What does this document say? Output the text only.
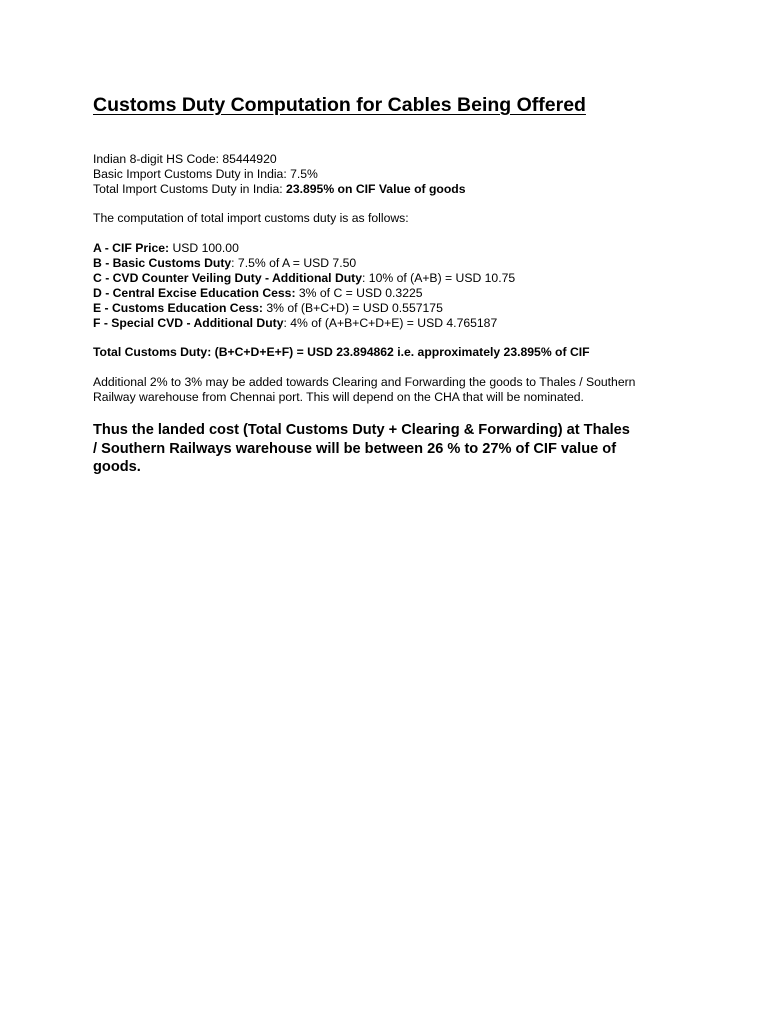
Customs Duty Computation for Cables Being Offered

Indian 8-digit HS Code: 85444920

Basic Import Customs Duty in India: 7.5%

Total Import Customs Duty in India: 23.895% on CIF Value of goods

The computation of total import customs duty is as follows:

A - CIF Price: USD 100.00

B - Basic Customs Duty: 7.5% of A = USD 7.50

C - CVD Counter Veiling Duty - Additional Duty: 10% of (A+B) = USD 10.75

D - Central Excise Education Cess: 3% of C = USD 0.3225

E - Customs Education Cess: 3% of (B+C+D) = USD 0.557175

F - Special CVD - Additional Duty: 4% of (A+B+C+D+E) = USD 4.765187

Total Customs Duty: (B+C+D+E+F) = USD 23.894862 i.e. approximately 23.895% of CIF

Additional 2% to 3% may be added towards Clearing and Forwarding the goods to Thales / Southern

Railway warehouse from Chennai port. This will depend on the CHA that will be nominated.

Thus the landed cost (Total Customs Duty + Clearing & Forwarding) at Thales
/ Southern Railways warehouse will be between 26 % to 27% of CIF value of
goods.
